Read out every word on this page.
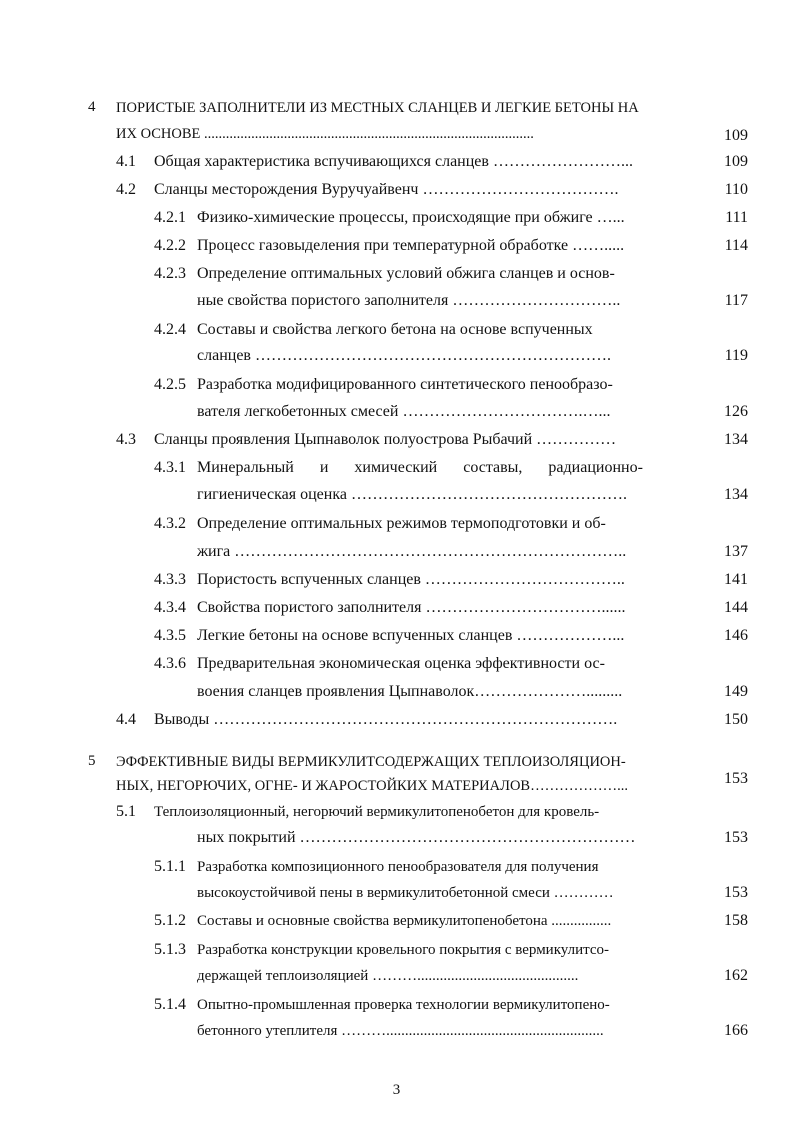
4 ПОРИСТЫЕ ЗАПОЛНИТЕЛИ ИЗ МЕСТНЫХ СЛАНЦЕВ И ЛЕГКИЕ БЕТОНЫ НА
ИХ ОСНОВЕ ...........................................................................................	109
4.1 Общая характеристика вспучивающихся сланцев ……………………...	109
4.2 Сланцы месторождения Вуручуайвенч ……………………………….	110
4.2.1 Физико-химические процессы, происходящие при обжиге …...	111
4.2.2 Процесс газовыделения при температурной обработке …….....	114
4.2.3 Определение оптимальных условий обжига сланцев и основ-
ные свойства пористого заполнителя …………………………..	117
4.2.4 Составы и свойства легкого бетона на основе вспученных
сланцев ………………………………………………………….	119
4.2.5 Разработка модифицированного синтетического пенообразо-
вателя легкобетонных смесей …………………………….…...	126
4.3 Сланцы проявления Цыпнаволок полуострова Рыбачий ……………	134
4.3.1 Минеральный и химический составы, радиационно-
гигиеническая оценка …………………………………………….	134
4.3.2 Определение оптимальных режимов термоподготовки и об-
жига ………………………………………………………………..	137
4.3.3 Пористость вспученных сланцев ………………………………..	141
4.3.4 Свойства пористого заполнителя ……………………………......	144
4.3.5 Легкие бетоны на основе вспученных сланцев ………………...	146
4.3.6 Предварительная экономическая оценка эффективности ос-
воения сланцев проявления Цыпнаволок………………….........	149
4.4 Выводы ………………………………………………………………….	150
5 ЭФФЕКТИВНЫЕ ВИДЫ ВЕРМИКУЛИТСОДЕРЖАЩИХ ТЕПЛОИЗОЛЯЦИОН-
НЫХ, НЕГОРЮЧИХ, ОГНЕ- И ЖАРОСТОЙКИХ МАТЕРИАЛОВ………………...	153
5.1 Теплоизоляционный, негорючий вермикулитопенобетон для кровель-
ных покрытий ………………………………………………………	153
5.1.1 Разработка композиционного пенообразователя для получения
высокоустойчивой пены в вермикулитобетонной смеси …………	153
5.1.2 Составы и основные свойства вермикулитопенобетона ................	158
5.1.3 Разработка конструкции кровельного покрытия с вермикулитсо-
держащей теплоизоляцией ………...........................................	162
5.1.4 Опытно-промышленная проверка технологии вермикулитопено-
бетонного утеплителя ………..........................................................	166
3
